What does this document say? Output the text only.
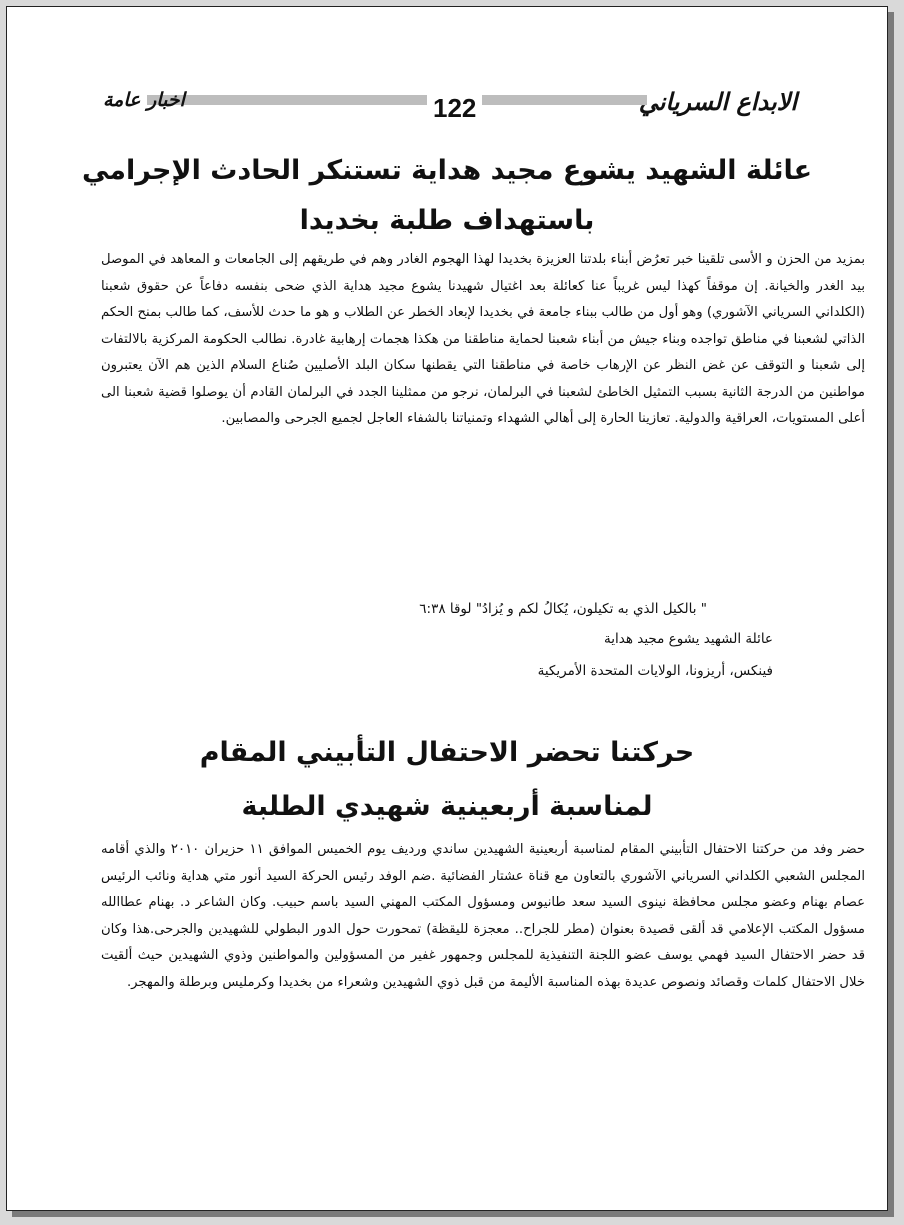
الابداع السرياني
122
اخبار عامة
عائلة الشهيد يشوع مجيد هداية تستنكر الحادث الإجرامي
باستهداف طلبة بخديدا

بمزيد من الحزن و الأسى تلقينا خبر تعرُض أبناء بلدتنا العزيزة بخديدا لهذا الهجوم الغادر وهم في طريقهم إلى الجامعات و المعاهد في الموصل بيد الغدر والخيانة. إن موقفاً كهذا ليس غريباً عنا كعائلة بعد اغتيال شهيدنا يشوع مجيد هداية الذي ضحى بنفسه دفاعاً عن حقوق شعبنا (الكلداني السرياني الآشوري) وهو أول من طالب ببناء جامعة في بخديدا لإبعاد الخطر عن الطلاب و هو ما حدث للأسف، كما طالب بمنح الحكم الذاتي لشعبنا في مناطق تواجده وبناء جيش من أبناء شعبنا لحماية مناطقنا من هكذا هجمات إرهابية غادرة. نطالب الحكومة المركزية بالالتفات إلى شعبنا و التوقف عن غض النظر عن الإرهاب خاصة في مناطقنا التي يقطنها سكان البلد الأصليين صُناع السلام الذين هم الآن يعتبرون مواطنين من الدرجة الثانية بسبب التمثيل الخاطئ لشعبنا في البرلمان، نرجو من ممثلينا الجدد في البرلمان القادم أن يوصلوا قضية شعبنا الى أعلى المستويات، العراقية والدولية. تعازينا الحارة إلى أهالي الشهداء وتمنياتنا بالشفاء العاجل لجميع الجرحى والمصابين.

" بالكيل الذي به تكيلون، يُكالُ لكم و يُزادُ" لوقا ٦:٣٨
عائلة الشهيد يشوع مجيد هداية
فينكس، أريزونا، الولايات المتحدة الأمريكية
حركتنا تحضر الاحتفال التأبيني المقام
لمناسبة أربعينية شهيدي الطلبة

حضر وفد من حركتنا الاحتفال التأبيني المقام لمناسبة أربعينية الشهيدين ساندي ورديف يوم الخميس الموافق ١١ حزيران ٢٠١٠ والذي أقامه المجلس الشعبي الكلداني السرياني الآشوري بالتعاون مع قناة عشتار الفضائية .ضم الوفد رئيس الحركة السيد أنور متي هداية ونائب الرئيس عصام بهنام وعضو مجلس محافظة نينوى السيد سعد طانيوس ومسؤول المكتب المهني السيد باسم حبيب. وكان الشاعر د. بهنام عطاالله مسؤول المكتب الإعلامي قد ألقى قصيدة بعنوان (مطر للجراح.. معجزة لليقظة) تمحورت حول الدور البطولي للشهيدين والجرحى.هذا وكان قد حضر الاحتفال السيد فهمي يوسف عضو اللجنة التنفيذية للمجلس وجمهور غفير من المسؤولين والمواطنين وذوي الشهيدين حيث ألقيت خلال الاحتفال كلمات وقصائد ونصوص عديدة بهذه المناسبة الأليمة من قبل ذوي الشهيدين وشعراء من بخديدا وكرمليس وبرطلة والمهجر.
